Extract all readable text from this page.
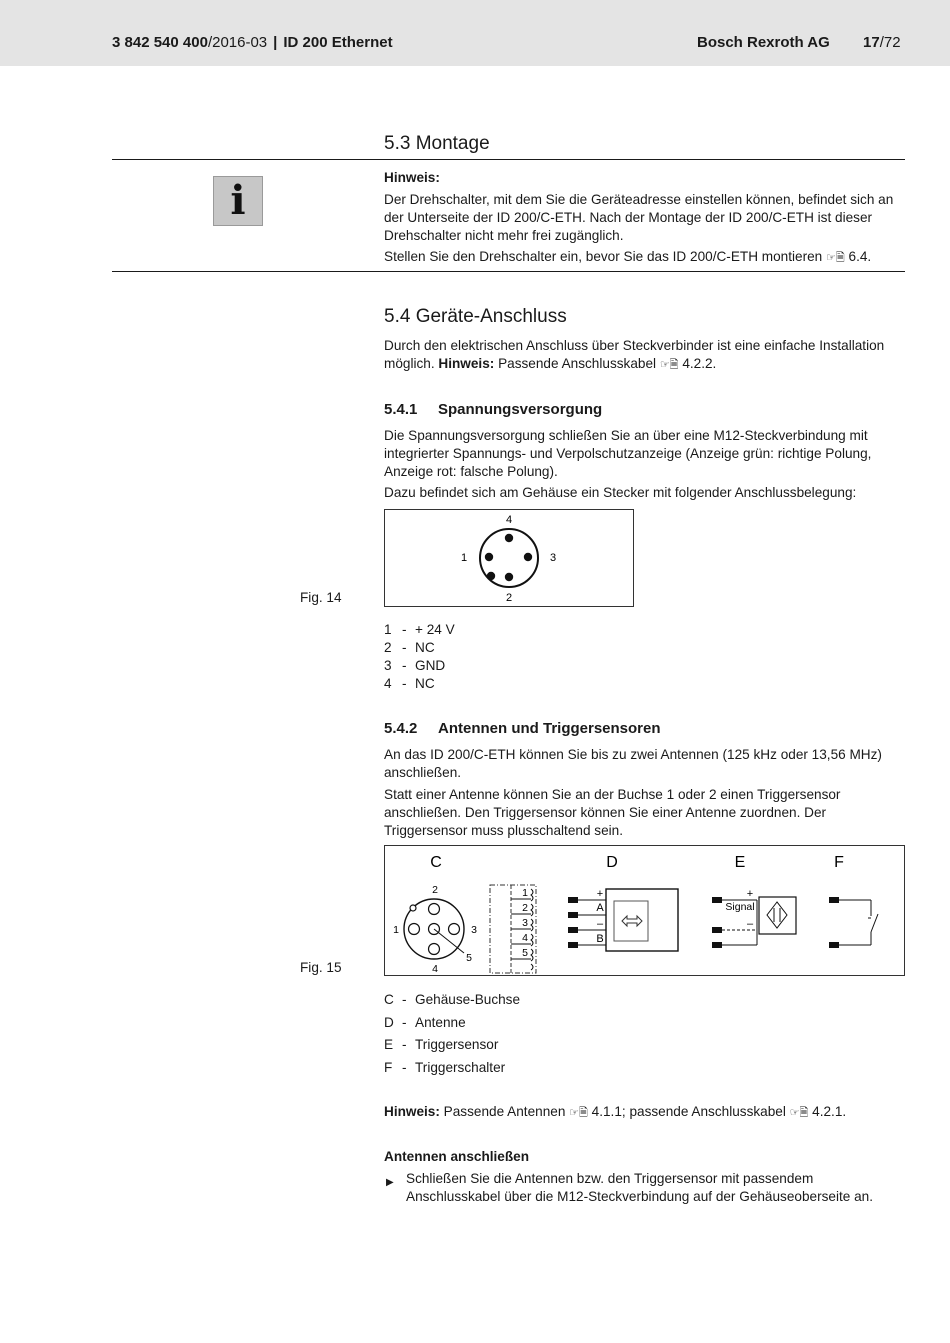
3 842 540 400/2016-03 | ID 200 Ethernet	Bosch Rexroth AG 17/72
5.3 Montage
i	Hinweis:
Der Drehschalter, mit dem Sie die Geräteadresse einstellen können, befindet sich an der Unterseite der ID 200/C-ETH. Nach der Montage der ID 200/C-ETH ist dieser Drehschalter nicht mehr frei zugänglich.
Stellen Sie den Drehschalter ein, bevor Sie das ID 200/C-ETH montieren ☞🗎 6.4.
5.4 Geräte-Anschluss
Durch den elektrischen Anschluss über Steckverbinder ist eine einfache Installation möglich. Hinweis: Passende Anschlusskabel ☞🗎 4.2.2.
5.4.1 Spannungsversorgung
Die Spannungsversorgung schließen Sie an über eine M12-Steckverbindung mit integrierter Spannungs- und Verpolschutzanzeige (Anzeige grün: richtige Polung, Anzeige rot: falsche Polung).
Dazu befindet sich am Gehäuse ein Stecker mit folgender Anschlussbelegung:
Fig. 14
4
1	3
2
1 - + 24 V
2 - NC
3 - GND
4 - NC
5.4.2 Antennen und Triggersensoren
An das ID 200/C-ETH können Sie bis zu zwei Antennen (125 kHz oder 13,56 MHz) anschließen.
Statt einer Antenne können Sie an der Buchse 1 oder 2 einen Triggersensor anschließen. Den Triggersensor können Sie einer Antenne zuordnen. Der Triggersensor muss plusschaltend sein.
Fig. 15
C	D	E	F
2
1	3
5
4
1
2
3
4
5
+
A
–
B
+
Signal
–
C - Gehäuse-Buchse
D - Antenne
E - Triggersensor
F - Triggerschalter
Hinweis: Passende Antennen ☞🗎 4.1.1; passende Anschlusskabel ☞🗎 4.2.1.
Antennen anschließen
▶ Schließen Sie die Antennen bzw. den Triggersensor mit passendem Anschlusskabel über die M12-Steckverbindung auf der Gehäuseoberseite an.
